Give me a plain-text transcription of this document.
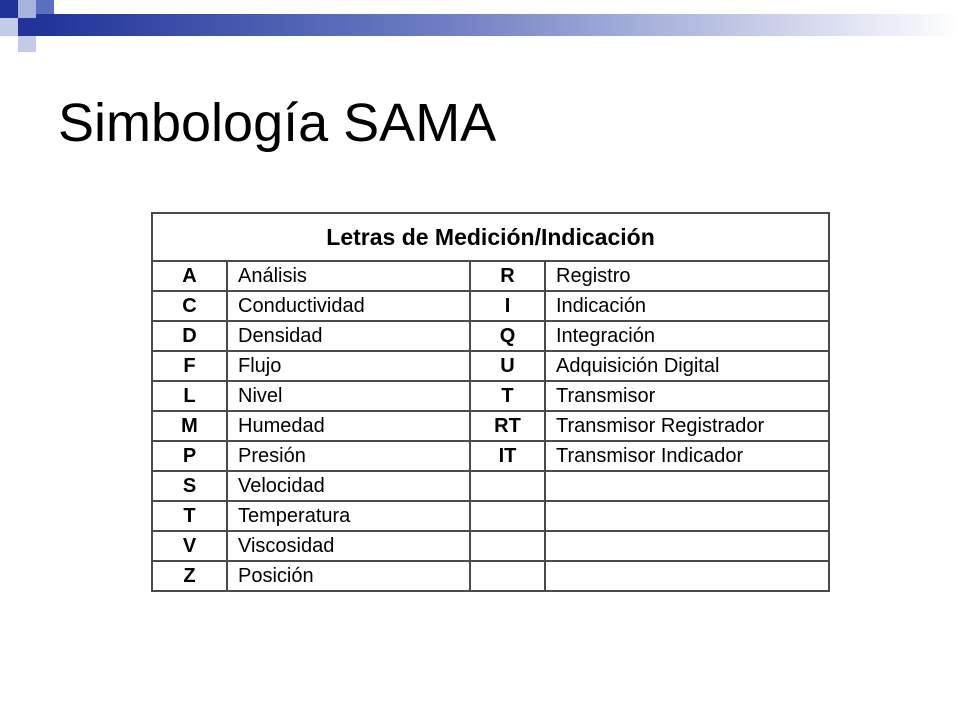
Simbología SAMA
Letras de Medición/Indicación			
A	Análisis	R	Registro
C	Conductividad	I	Indicación
D	Densidad	Q	Integración
F	Flujo	U	Adquisición Digital
L	Nivel	T	Transmisor
M	Humedad	RT	Transmisor Registrador
P	Presión	IT	Transmisor Indicador
S	Velocidad		
T	Temperatura		
V	Viscosidad		
Z	Posición		
